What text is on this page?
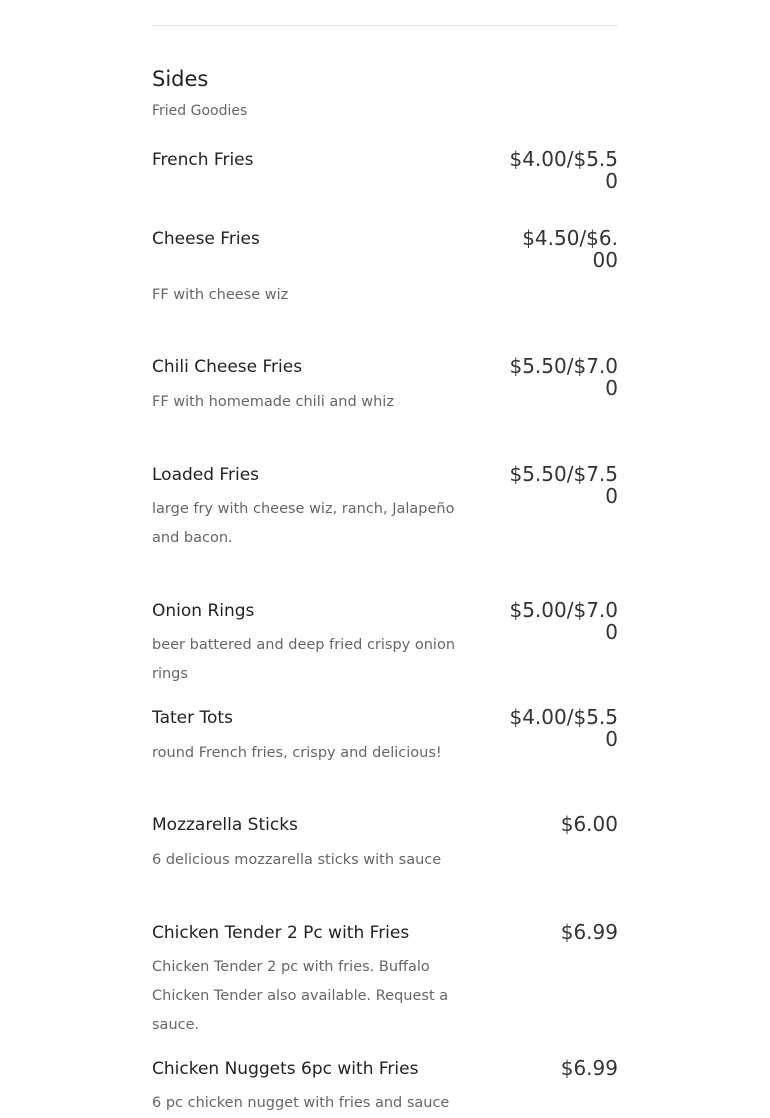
Sides
Fried Goodies
French Fries	$4.00/$5.50
Cheese Fries	$4.50/$6.00
FF with cheese wiz
Chili Cheese Fries	$5.50/$7.00
FF with homemade chili and whiz
Loaded Fries	$5.50/$7.50
large fry with cheese wiz, ranch, Jalapeño and bacon.
Onion Rings	$5.00/$7.00
beer battered and deep fried crispy onion rings
Tater Tots	$4.00/$5.50
round French fries, crispy and delicious!
Mozzarella Sticks	$6.00
6 delicious mozzarella sticks with sauce
Chicken Tender 2 Pc with Fries	$6.99
Chicken Tender 2 pc with fries. Buffalo Chicken Tender also available. Request a sauce.
Chicken Nuggets 6pc with Fries	$6.99
6 pc chicken nugget with fries and sauce
